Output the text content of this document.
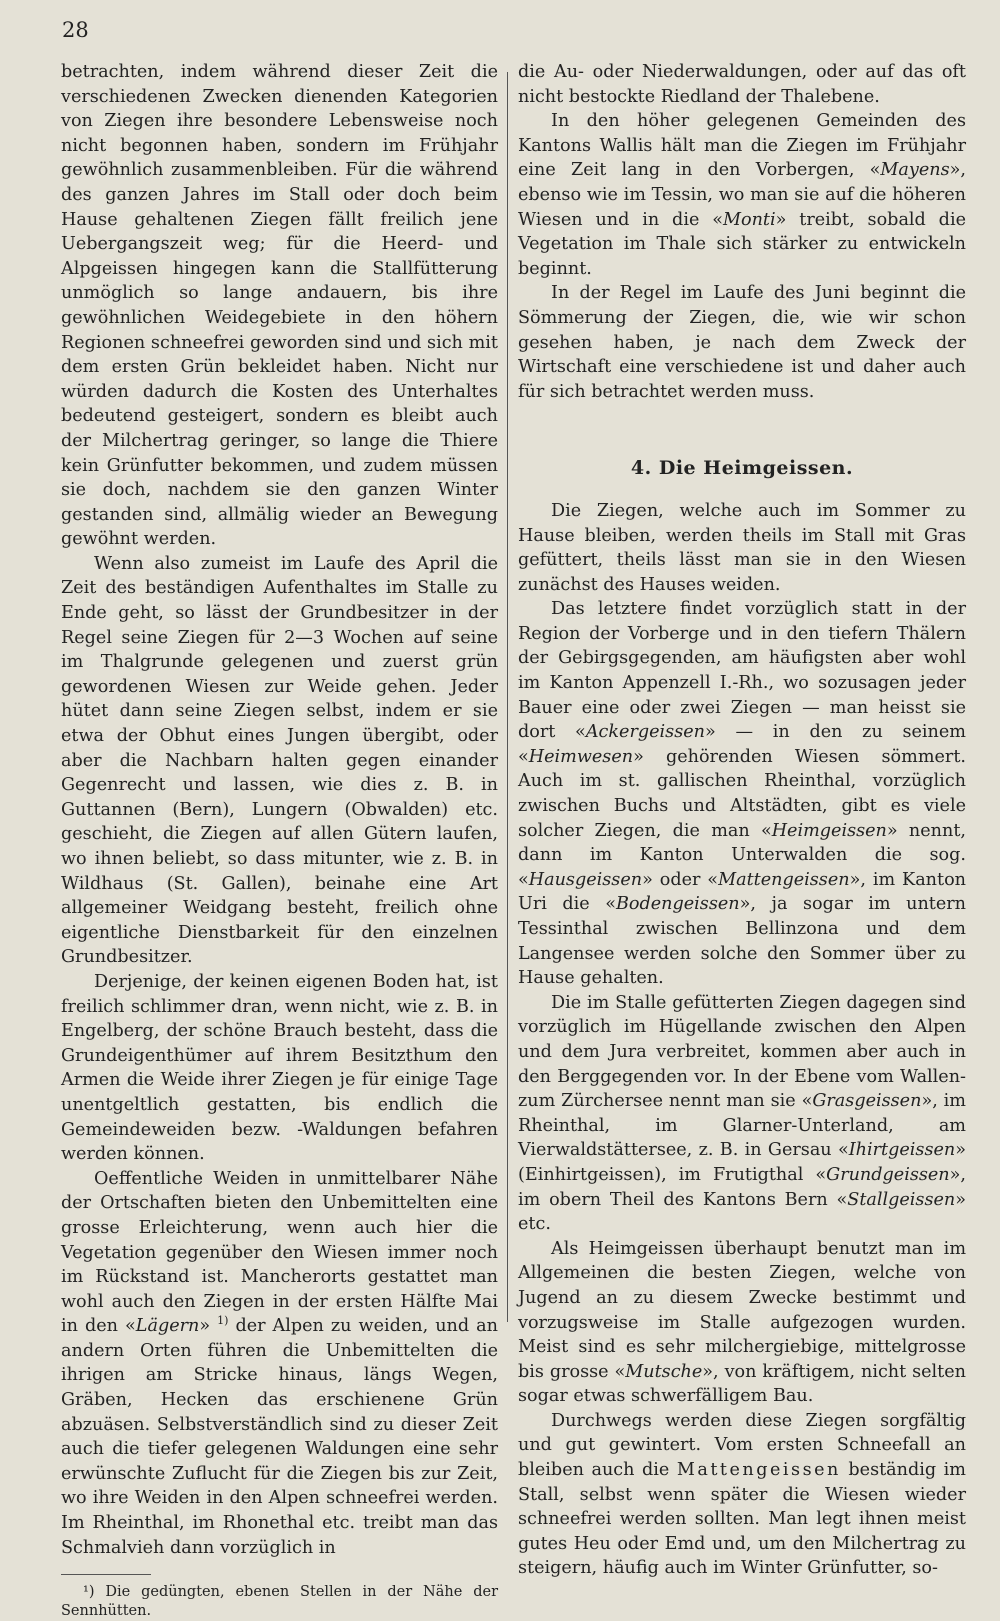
28

betrachten, indem während dieser Zeit die verschiedenen Zwecken dienenden Kategorien von Ziegen ihre besondere Lebensweise noch nicht begonnen haben, sondern im Frühjahr gewöhnlich zusammenbleiben. Für die während des ganzen Jahres im Stall oder doch beim Hause gehaltenen Ziegen fällt freilich jene Uebergangszeit weg; für die Heerd- und Alpgeissen hingegen kann die Stallfütterung unmöglich so lange andauern, bis ihre gewöhnlichen Weidegebiete in den höhern Regionen schneefrei geworden sind und sich mit dem ersten Grün bekleidet haben. Nicht nur würden dadurch die Kosten des Unterhaltes bedeutend gesteigert, sondern es bleibt auch der Milchertrag geringer, so lange die Thiere kein Grünfutter bekommen, und zudem müssen sie doch, nachdem sie den ganzen Winter gestanden sind, allmälig wieder an Bewegung gewöhnt werden.

Wenn also zumeist im Laufe des April die Zeit des beständigen Aufenthaltes im Stalle zu Ende geht, so lässt der Grundbesitzer in der Regel seine Ziegen für 2—3 Wochen auf seine im Thalgrunde gelegenen und zuerst grün gewordenen Wiesen zur Weide gehen. Jeder hütet dann seine Ziegen selbst, indem er sie etwa der Obhut eines Jungen übergibt, oder aber die Nachbarn halten gegen einander Gegenrecht und lassen, wie dies z. B. in Guttannen (Bern), Lungern (Obwalden) etc. geschieht, die Ziegen auf allen Gütern laufen, wo ihnen beliebt, so dass mitunter, wie z. B. in Wildhaus (St. Gallen), beinahe eine Art allgemeiner Weidgang besteht, freilich ohne eigentliche Dienstbarkeit für den einzelnen Grundbesitzer.

Derjenige, der keinen eigenen Boden hat, ist freilich schlimmer dran, wenn nicht, wie z. B. in Engelberg, der schöne Brauch besteht, dass die Grundeigenthümer auf ihrem Besitzthum den Armen die Weide ihrer Ziegen je für einige Tage unentgeltlich gestatten, bis endlich die Gemeindeweiden bezw. -Waldungen befahren werden können.

Oeffentliche Weiden in unmittelbarer Nähe der Ortschaften bieten den Unbemittelten eine grosse Erleichterung, wenn auch hier die Vegetation gegenüber den Wiesen immer noch im Rückstand ist. Mancherorts gestattet man wohl auch den Ziegen in der ersten Hälfte Mai in den «Lägern» $^{1)}$ der Alpen zu weiden, und an andern Orten führen die Unbemittelten die ihrigen am Stricke hinaus, längs Wegen, Gräben, Hecken das erschienene Grün abzuäsen. Selbstverständlich sind zu dieser Zeit auch die tiefer gelegenen Waldungen eine sehr erwünschte Zuflucht für die Ziegen bis zur Zeit, wo ihre Weiden in den Alpen schneefrei werden. Im Rheinthal, im Rhonethal etc. treibt man das Schmalvieh dann vorzüglich in

¹) Die gedüngten, ebenen Stellen in der Nähe der Sennhütten.

die Au- oder Niederwaldungen, oder auf das oft nicht bestockte Riedland der Thalebene.

In den höher gelegenen Gemeinden des Kantons Wallis hält man die Ziegen im Frühjahr eine Zeit lang in den Vorbergen, «Mayens», ebenso wie im Tessin, wo man sie auf die höheren Wiesen und in die «Monti» treibt, sobald die Vegetation im Thale sich stärker zu entwickeln beginnt.

In der Regel im Laufe des Juni beginnt die Sömmerung der Ziegen, die, wie wir schon gesehen haben, je nach dem Zweck der Wirtschaft eine verschiedene ist und daher auch für sich betrachtet werden muss.

4. Die Heimgeissen.

Die Ziegen, welche auch im Sommer zu Hause bleiben, werden theils im Stall mit Gras gefüttert, theils lässt man sie in den Wiesen zunächst des Hauses weiden.

Das letztere findet vorzüglich statt in der Region der Vorberge und in den tiefern Thälern der Gebirgsgegenden, am häufigsten aber wohl im Kanton Appenzell I.-Rh., wo sozusagen jeder Bauer eine oder zwei Ziegen — man heisst sie dort «Ackergeissen» — in den zu seinem «Heimwesen» gehörenden Wiesen sömmert. Auch im st. gallischen Rheinthal, vorzüglich zwischen Buchs und Altstädten, gibt es viele solcher Ziegen, die man «Heimgeissen» nennt, dann im Kanton Unterwalden die sog. «Hausgeissen» oder «Mattengeissen», im Kanton Uri die «Bodengeissen», ja sogar im untern Tessinthal zwischen Bellinzona und dem Langensee werden solche den Sommer über zu Hause gehalten.

Die im Stalle gefütterten Ziegen dagegen sind vorzüglich im Hügellande zwischen den Alpen und dem Jura verbreitet, kommen aber auch in den Berggegenden vor. In der Ebene vom Wallen- zum Zürchersee nennt man sie «Grasgeissen», im Rheinthal, im Glarner-Unterland, am Vierwaldstättersee, z. B. in Gersau «Ihirtgeissen» (Einhirtgeissen), im Frutigthal «Grundgeissen», im obern Theil des Kantons Bern «Stallgeissen» etc.

Als Heimgeissen überhaupt benutzt man im Allgemeinen die besten Ziegen, welche von Jugend an zu diesem Zwecke bestimmt und vorzugsweise im Stalle aufgezogen wurden. Meist sind es sehr milchergiebige, mittelgrosse bis grosse «Mutsche», von kräftigem, nicht selten sogar etwas schwerfälligem Bau.

Durchwegs werden diese Ziegen sorgfältig und gut gewintert. Vom ersten Schneefall an bleiben auch die Mattengeissen beständig im Stall, selbst wenn später die Wiesen wieder schneefrei werden sollten. Man legt ihnen meist gutes Heu oder Emd und, um den Milchertrag zu steigern, häufig auch im Winter Grünfutter, so-
